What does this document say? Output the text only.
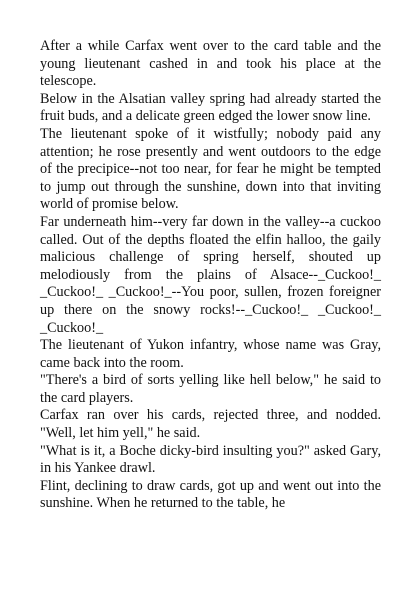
After a while Carfax went over to the card table and the young lieutenant cashed in and took his place at the telescope.

Below in the Alsatian valley spring had already started the fruit buds, and a delicate green edged the lower snow line.

The lieutenant spoke of it wistfully; nobody paid any attention; he rose presently and went outdoors to the edge of the precipice--not too near, for fear he might be tempted to jump out through the sunshine, down into that inviting world of promise below.

Far underneath him--very far down in the valley--a cuckoo called. Out of the depths floated the elfin halloo, the gaily malicious challenge of spring herself, shouted up melodiously from the plains of Alsace--_Cuckoo!_ _Cuckoo!_ _Cuckoo!_--You poor, sullen, frozen foreigner up there on the snowy rocks!--_Cuckoo!_ _Cuckoo!_ _Cuckoo!_

The lieutenant of Yukon infantry, whose name was Gray, came back into the room.

"There's a bird of sorts yelling like hell below," he said to the card players.

Carfax ran over his cards, rejected three, and nodded. "Well, let him yell," he said.

"What is it, a Boche dicky-bird insulting you?" asked Gary, in his Yankee drawl.

Flint, declining to draw cards, got up and went out into the sunshine. When he returned to the table, he
